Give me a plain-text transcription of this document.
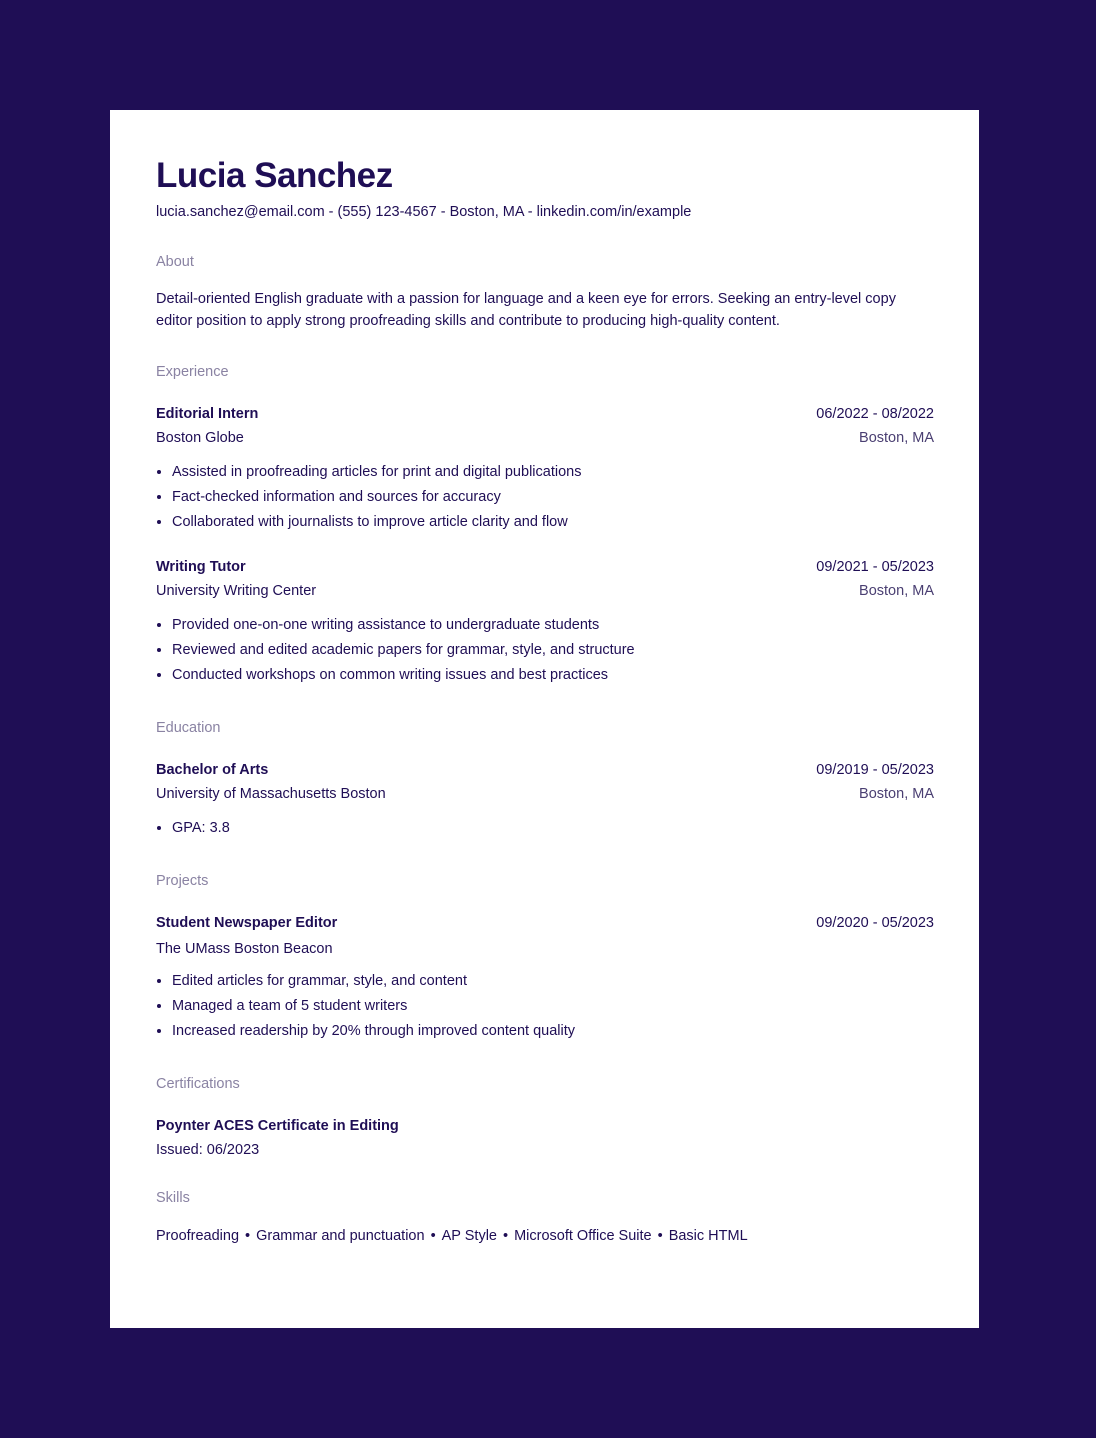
Lucia Sanchez
lucia.sanchez@email.com - (555) 123-4567 - Boston, MA - linkedin.com/in/example
About
Detail-oriented English graduate with a passion for language and a keen eye for errors. Seeking an entry-level copy editor position to apply strong proofreading skills and contribute to producing high-quality content.
Experience
Editorial Intern	06/2022 - 08/2022
Boston Globe	Boston, MA
• Assisted in proofreading articles for print and digital publications
• Fact-checked information and sources for accuracy
• Collaborated with journalists to improve article clarity and flow
Writing Tutor	09/2021 - 05/2023
University Writing Center	Boston, MA
• Provided one-on-one writing assistance to undergraduate students
• Reviewed and edited academic papers for grammar, style, and structure
• Conducted workshops on common writing issues and best practices
Education
Bachelor of Arts	09/2019 - 05/2023
University of Massachusetts Boston	Boston, MA
• GPA: 3.8
Projects
Student Newspaper Editor	09/2020 - 05/2023
The UMass Boston Beacon
• Edited articles for grammar, style, and content
• Managed a team of 5 student writers
• Increased readership by 20% through improved content quality
Certifications
Poynter ACES Certificate in Editing
Issued: 06/2023
Skills
Proofreading • Grammar and punctuation • AP Style • Microsoft Office Suite • Basic HTML
